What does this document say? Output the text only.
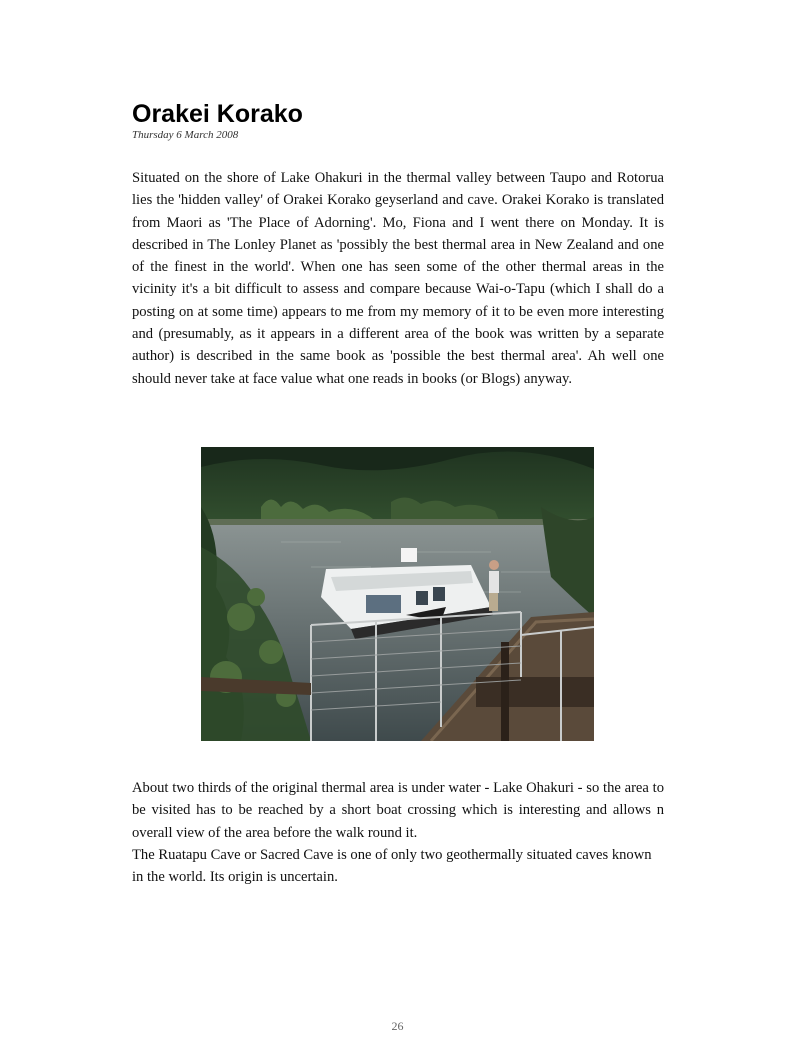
Orakei Korako
Thursday 6 March 2008

Situated on the shore of Lake Ohakuri in the thermal valley between Taupo and Rotorua lies the 'hidden valley' of Orakei Korako geyserland and cave. Orakei Korako is translated from Maori as 'The Place of Adorning'. Mo, Fiona and I went there on Monday. It is described in The Lonley Planet as 'possibly the best thermal area in New Zealand and one of the finest in the world'. When one has seen some of the other thermal areas in the vicinity it's a bit difficult to assess and compare because Wai-o-Tapu (which I shall do a posting on at some time) appears to me from my memory of it to be even more interesting and (presumably, as it appears in a different area of the book was written by a separate author) is described in the same book as 'possible the best thermal area'. Ah well one should never take at face value what one reads in books (or Blogs) anyway.

About two thirds of the original thermal area is under water - Lake Ohakuri - so the area to be visited has to be reached by a short boat crossing which is interesting and allows n overall view of the area before the walk round it.

The Ruatapu Cave or Sacred Cave is one of only two geothermally situated caves known in the world. Its origin is uncertain.

26
